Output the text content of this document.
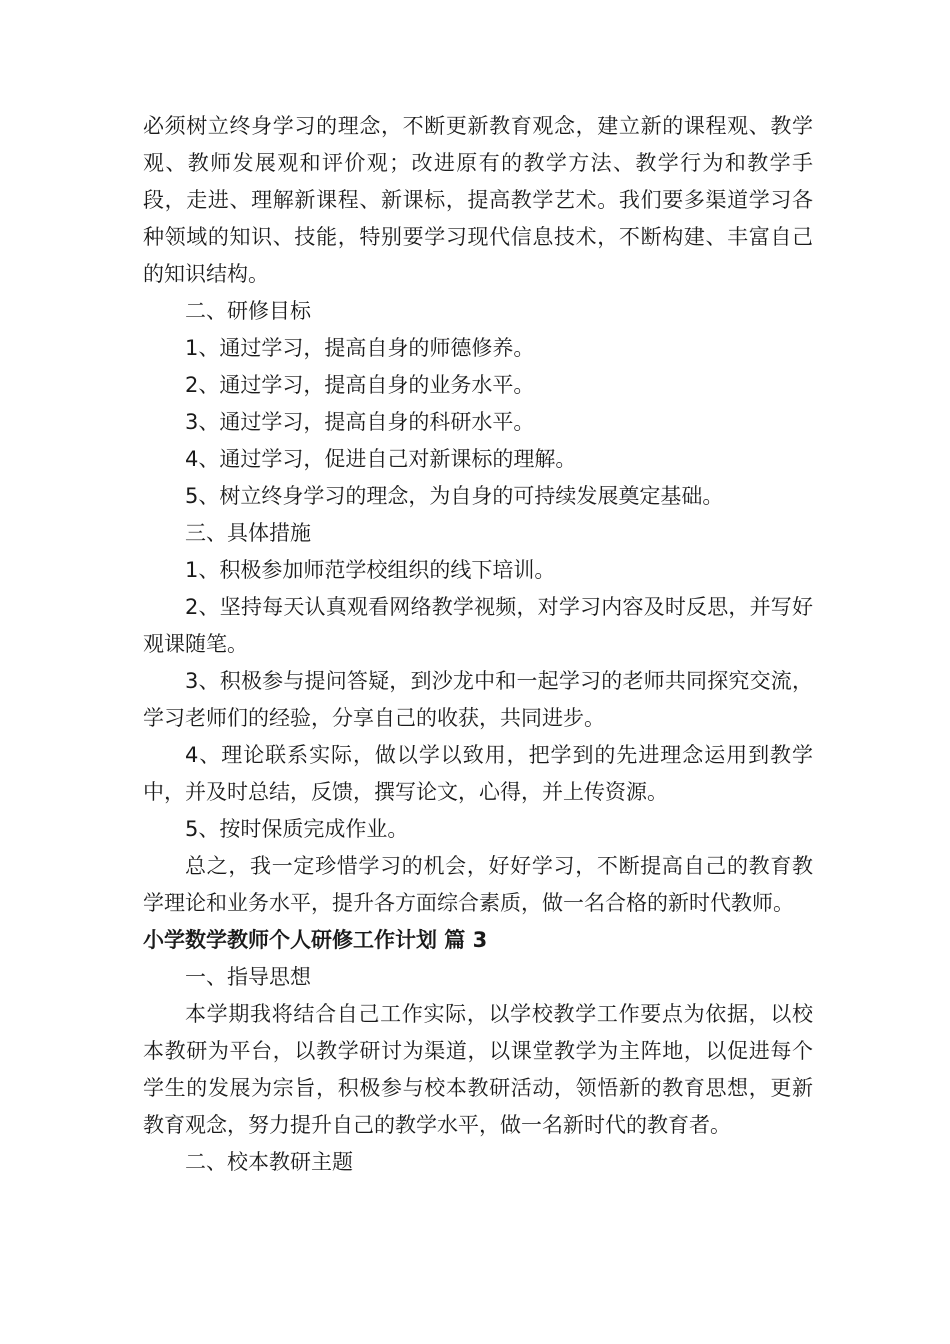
必须树立终身学习的理念，不断更新教育观念，建立新的课程观、教学观、教师发展观和评价观；改进原有的教学方法、教学行为和教学手段，走进、理解新课程、新课标，提高教学艺术。我们要多渠道学习各种领域的知识、技能，特别要学习现代信息技术，不断构建、丰富自己的知识结构。

二、研修目标

1、通过学习，提高自身的师德修养。

2、通过学习，提高自身的业务水平。

3、通过学习，提高自身的科研水平。

4、通过学习，促进自己对新课标的理解。

5、树立终身学习的理念，为自身的可持续发展奠定基础。

三、具体措施

1、积极参加师范学校组织的线下培训。

2、坚持每天认真观看网络教学视频，对学习内容及时反思，并写好观课随笔。

3、积极参与提问答疑，到沙龙中和一起学习的老师共同探究交流，学习老师们的经验，分享自己的收获，共同进步。

4、理论联系实际，做以学以致用，把学到的先进理念运用到教学中，并及时总结，反馈，撰写论文，心得，并上传资源。

5、按时保质完成作业。

总之，我一定珍惜学习的机会，好好学习，不断提高自己的教育教学理论和业务水平，提升各方面综合素质，做一名合格的新时代教师。

小学数学教师个人研修工作计划 篇 3

一、指导思想

本学期我将结合自己工作实际，以学校教学工作要点为依据，以校本教研为平台，以教学研讨为渠道，以课堂教学为主阵地，以促进每个学生的发展为宗旨，积极参与校本教研活动，领悟新的教育思想，更新教育观念，努力提升自己的教学水平，做一名新时代的教育者。

二、校本教研主题
